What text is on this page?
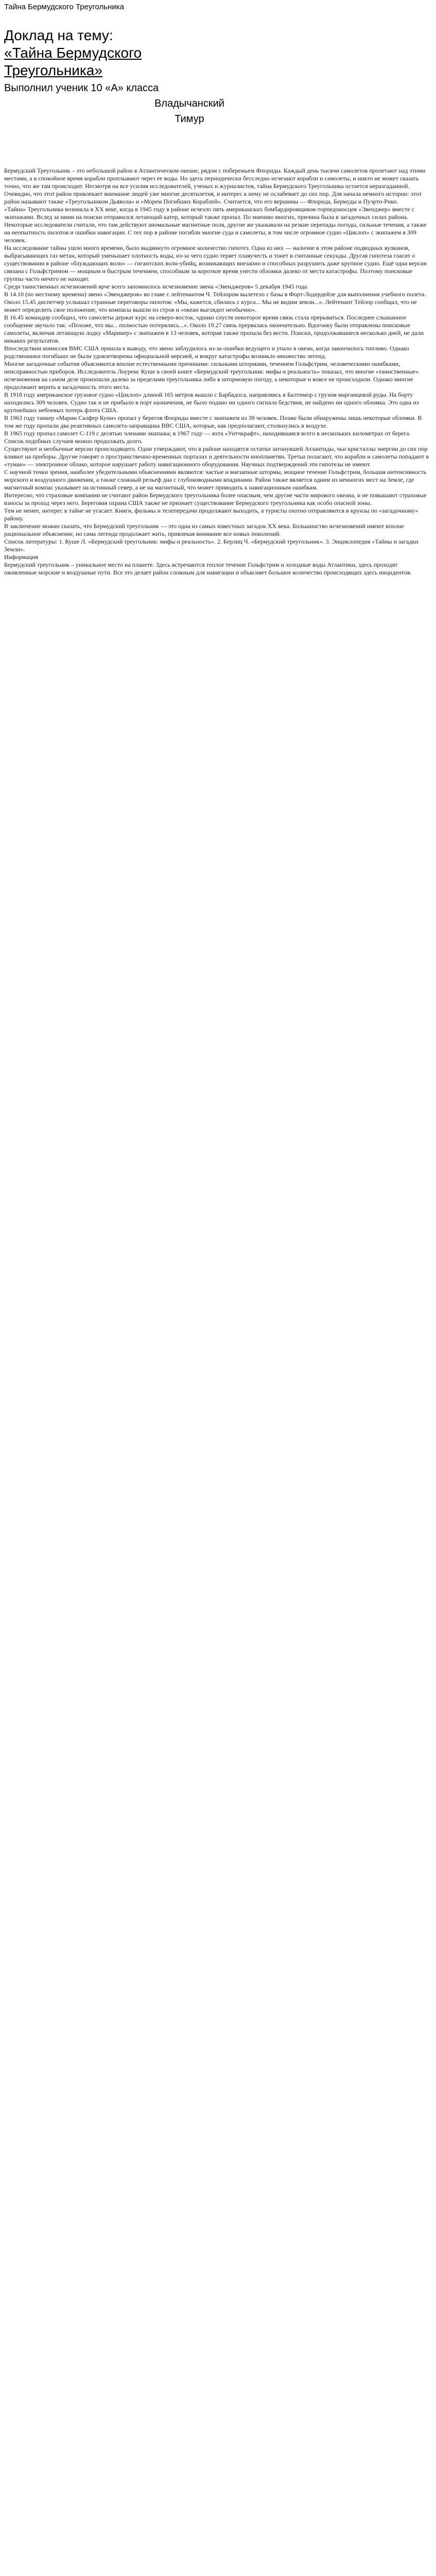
Тайна Бермудского Треугольника
Доклад на тему:
«Тайна Бермудского
Треугольника»
Выполнил ученик 10 «А» класса
Владычанский
Тимур

Бермудский Треугольник – это небольшой район в Атлантическом океане, рядом с побережьем Флориды. Каждый день тысячи самолетов пролетают над этими местами, а в спокойное время корабли проплывают через ее воды. Но здесь периодически бесследно исчезают корабли и самолеты, и никто не может сказать точно, что же там происходит. Несмотря на все усилия исследователей, ученых и журналистов, тайна Бермудского Треугольника остается неразгаданной. Очевидно, что этот район привлекает внимание людей уже многие десятилетия, и интерес к нему не ослабевает до сих пор. Для начала немного истории: этот район называют также «Треугольником Дьявола» и «Морем Погибших Кораблей». Считается, что его вершины — Флорида, Бермуды и Пуэрто-Рико.

«Тайна» Треугольника возникла в XX веке, когда в 1945 году в районе исчезло пять американских бомбардировщиков-торпедоносцев «Эвенджер» вместе с экипажами. Вслед за ними на поиски отправился летающий катер, который также пропал. По мнению многих, причина была в загадочных силах района. Некоторые исследователи считали, что там действуют аномальные магнитные поля, другие же указывали на резкие перепады погоды, сильные течения, а также на неопытность пилотов и ошибки навигации. С тех пор в районе погибли многие суда и самолеты, в том числе огромное судно «Циклоп» с экипажем в 309 человек.

На исследование тайны ушло много времени, было выдвинуто огромное количество гипотез. Одна из них — наличие в этом районе подводных вулканов, выбрасывающих газ метан, который уменьшает плотность воды, из-за чего судно теряет плавучесть и тонет в считанные секунды. Другая гипотеза гласит о существовании в районе «блуждающих волн» — гигантских волн-убийц, возникающих внезапно и способных разрушить даже крупное судно. Ещё одна версия связана с Гольфстримом — мощным и быстрым течением, способным за короткое время унести обломки далеко от места катастрофы. Поэтому поисковые группы часто ничего не находят.

Среди таинственных исчезновений ярче всего запомнилось исчезновение звена «Эвенджеров» 5 декабря 1945 года.

В 14.10 (по местному времени) звено «Эвенджеров» во главе с лейтенантом Ч. Тейлором вылетело с базы в Форт-Лодердейле для выполнения учебного полета. Около 15.45 диспетчер услышал странные переговоры пилотов: «Мы, кажется, сбились с курса... Мы не видим земли...». Лейтенант Тейлор сообщал, что не может определить свое положение, что компасы вышли из строя и «океан выглядит необычно».

В 16.45 командир сообщил, что самолеты держат курс на северо-восток, однако спустя некоторое время связь стала прерываться. Последнее слышанное сообщение звучало так: «Похоже, что мы... полностью потерялись...». Около 19.27 связь прервалась окончательно. Вдогонку были отправлены поисковые самолеты, включая летающую лодку «Маринер» с экипажем в 13 человек, которая также пропала без вести. Поиски, продолжавшиеся несколько дней, не дали никаких результатов.

Впоследствии комиссия ВМС США пришла к выводу, что звено заблудилось из-за ошибки ведущего и упало в океан, когда закончилось топливо. Однако родственники погибших не были удовлетворены официальной версией, и вокруг катастрофы возникло множество легенд.

Многие загадочные события объясняются вполне естественными причинами: сильными штормами, течением Гольфстрим, человеческими ошибками, неисправностью приборов. Исследователь Лоуренс Куше в своей книге «Бермудский треугольник: мифы и реальность» показал, что многие «таинственные» исчезновения на самом деле произошли далеко за пределами треугольника либо в штормовую погоду, а некоторые и вовсе не происходили. Однако многие продолжают верить в загадочность этого места.

В 1918 году американское грузовое судно «Циклоп» длиной 165 метров вышло с Барбадоса, направляясь в Балтимор с грузом марганцевой руды. На борту находились 309 человек. Судно так и не прибыло в порт назначения, не было подано ни одного сигнала бедствия, не найдено ни одного обломка. Это одна из крупнейших небоевых потерь флота США.

В 1963 году танкер «Марин Салфер Куин» пропал у берегов Флориды вместе с экипажем из 39 человек. Позже были обнаружены лишь некоторые обломки. В том же году пропали два реактивных самолета-заправщика ВВС США, которые, как предполагают, столкнулись в воздухе.

В 1965 году пропал самолет C-119 с десятью членами экипажа; в 1967 году — яхта «Уитчкрафт», находившаяся всего в нескольких километрах от берега. Список подобных случаев можно продолжать долго.

Существуют и необычные версии происходящего. Одни утверждают, что в районе находятся остатки затонувшей Атлантиды, чьи кристаллы энергии до сих пор влияют на приборы. Другие говорят о пространственно-временных порталах и деятельности инопланетян. Третьи полагают, что корабли и самолеты попадают в «туман» — электронное облако, которое нарушает работу навигационного оборудования. Научных подтверждений эти гипотезы не имеют.

С научной точки зрения, наиболее убедительными объяснениями являются: частые и внезапные штормы, мощное течение Гольфстрим, большая интенсивность морского и воздушного движения, а также сложный рельеф дна с глубоководными впадинами. Район также является одним из немногих мест на Земле, где магнитный компас указывает на истинный север, а не на магнитный, что может приводить к навигационным ошибкам.

Интересно, что страховые компании не считают район Бермудского треугольника более опасным, чем другие части мирового океана, и не повышают страховые взносы за проход через него. Береговая охрана США также не признает существование Бермудского треугольника как особо опасной зоны.

Тем не менее, интерес к тайне не угасает. Книги, фильмы и телепередачи продолжают выходить, а туристы охотно отправляются в круизы по «загадочному» району.

В заключение можно сказать, что Бермудский треугольник — это одна из самых известных загадок XX века. Большинство исчезновений имеют вполне рациональное объяснение, но сама легенда продолжает жить, привлекая внимание все новых поколений.

Список литературы: 1. Куше Л. «Бермудский треугольник: мифы и реальность». 2. Берлиц Ч. «Бермудский треугольник». 3. Энциклопедия «Тайны и загадки Земли».

Информация

Бермудский треугольник – уникальное место на планете. Здесь встречаются теплое течение Гольфстрим и холодные воды Атлантики, здесь проходят оживленные морские и воздушные пути. Все это делает район сложным для навигации и объясняет большое количество происходящих здесь инцидентов.
